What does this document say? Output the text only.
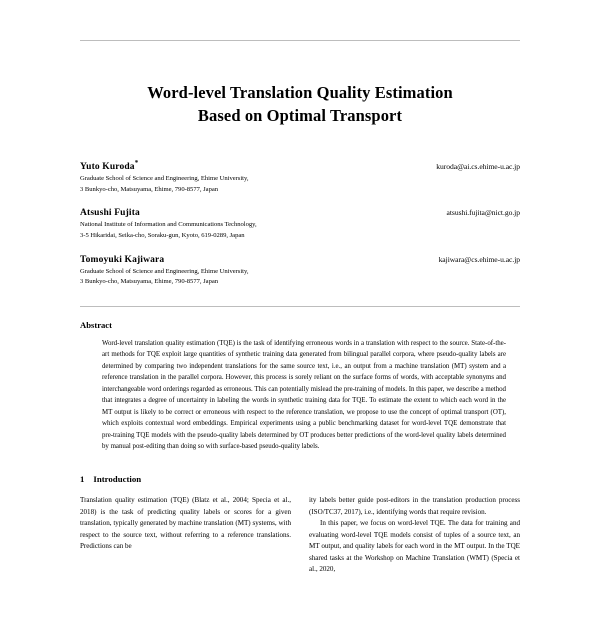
Word-level Translation Quality Estimation
Based on Optimal Transport
Yuto Kuroda*	kuroda@ai.cs.ehime-u.ac.jp
Graduate School of Science and Engineering, Ehime University,
3 Bunkyo-cho, Matsuyama, Ehime, 790-8577, Japan
Atsushi Fujita	atsushi.fujita@nict.go.jp
National Institute of Information and Communications Technology,
3-5 Hikaridai, Seika-cho, Soraku-gun, Kyoto, 619-0289, Japan
Tomoyuki Kajiwara	kajiwara@cs.ehime-u.ac.jp
Graduate School of Science and Engineering, Ehime University,
3 Bunkyo-cho, Matsuyama, Ehime, 790-8577, Japan
Abstract
Word-level translation quality estimation (TQE) is the task of identifying erroneous words in a translation with respect to the source. State-of-the-art methods for TQE exploit large quantities of synthetic training data generated from bilingual parallel corpora, where pseudo-quality labels are determined by comparing two independent translations for the same source text, i.e., an output from a machine translation (MT) system and a reference translation in the parallel corpora. However, this process is sorely reliant on the surface forms of words, with acceptable synonyms and interchangeable word orderings regarded as erroneous. This can potentially mislead the pre-training of models. In this paper, we describe a method that integrates a degree of uncertainty in labeling the words in synthetic training data for TQE. To estimate the extent to which each word in the MT output is likely to be correct or erroneous with respect to the reference translation, we propose to use the concept of optimal transport (OT), which exploits contextual word embeddings. Empirical experiments using a public benchmarking dataset for word-level TQE demonstrate that pre-training TQE models with the pseudo-quality labels determined by OT produces better predictions of the word-level quality labels determined by manual post-editing than doing so with surface-based pseudo-quality labels.
1 Introduction

Translation quality estimation (TQE) (Blatz et al., 2004; Specia et al., 2018) is the task of predicting quality labels or scores for a given translation, typically generated by machine translation (MT) systems, with respect to the source text, without referring to a reference translations. Predictions can be

ity labels better guide post-editors in the translation production process (ISO/TC37, 2017), i.e., identifying words that require revision.

In this paper, we focus on word-level TQE. The data for training and evaluating word-level TQE models consist of tuples of a source text, an MT output, and quality labels for each word in the MT output. In the TQE shared tasks at the Workshop on Machine Translation (WMT) (Specia et al., 2020,
